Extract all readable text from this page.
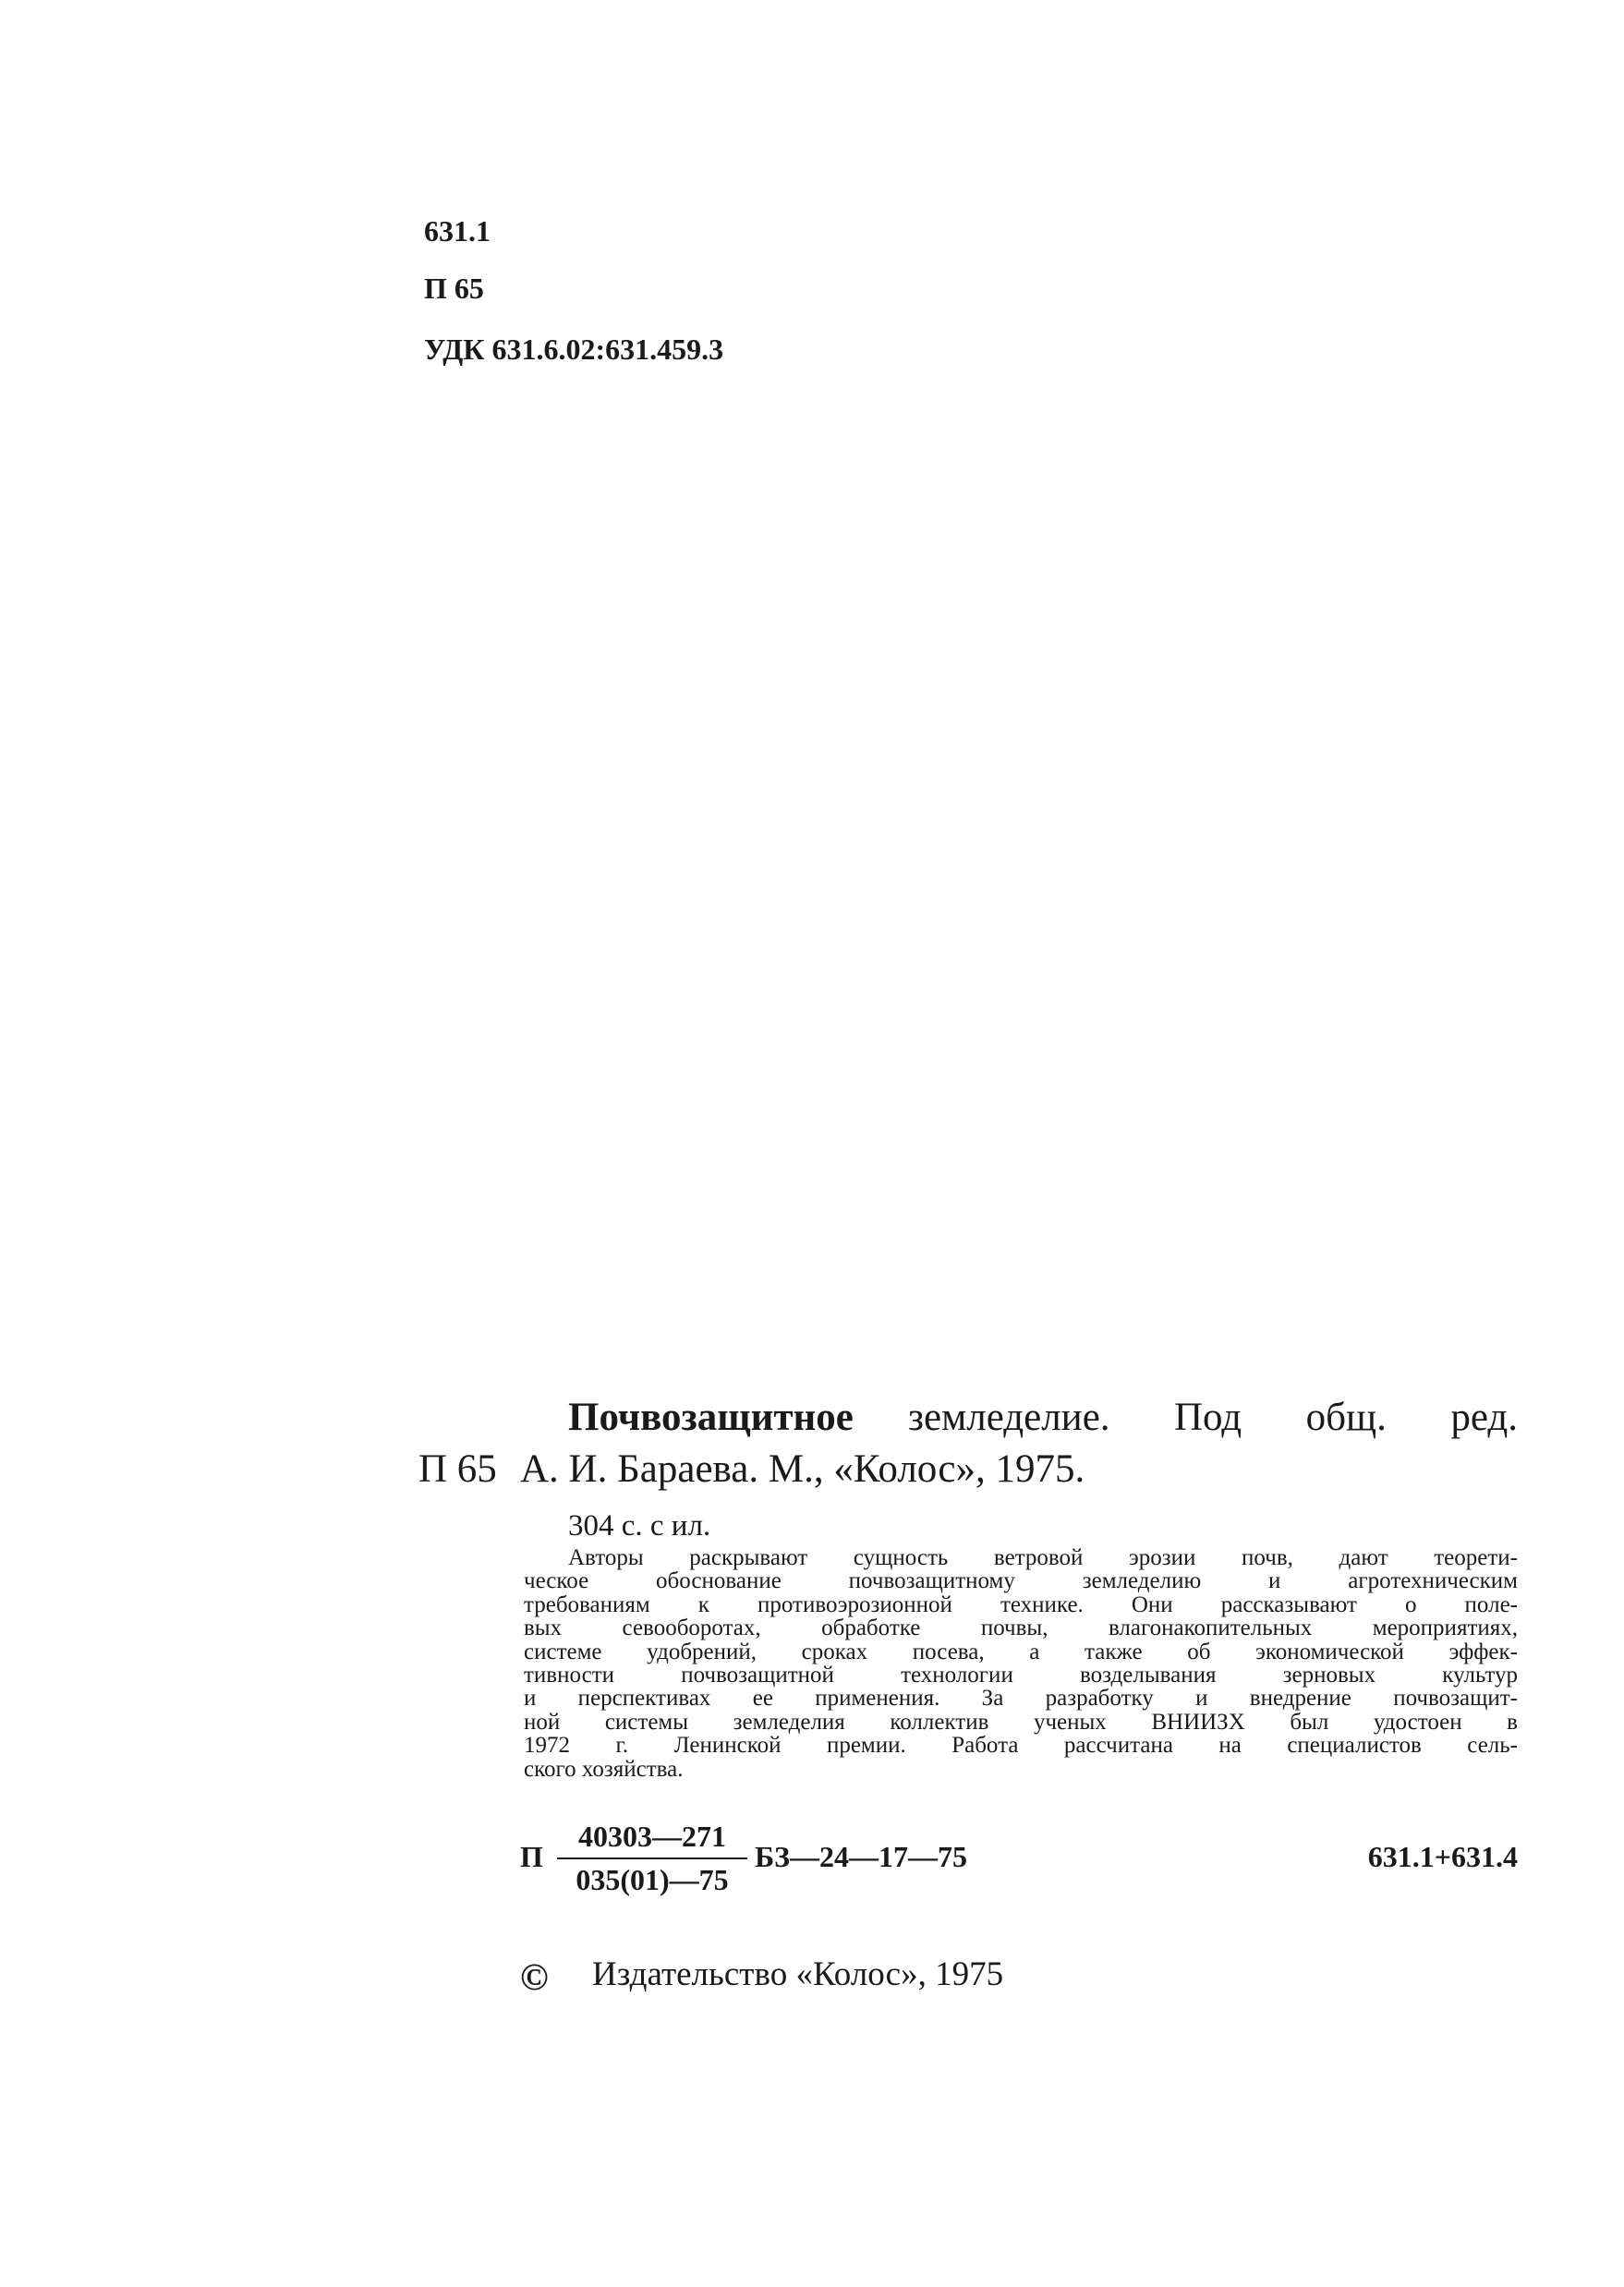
631.1
П 65
УДК 631.6.02:631.459.3
Почвозащитное земледелие. Под общ. ред.
П 65 А. И. Бараева. М., «Колос», 1975.
304 с. с ил.
Авторы раскрывают сущность ветровой эрозии почв, дают теорети-
ческое обоснование почвозащитному земледелию и агротехническим
требованиям к противоэрозионной технике. Они рассказывают о поле-
вых севооборотах, обработке почвы, влагонакопительных мероприятиях,
системе удобрений, сроках посева, а также об экономической эффек-
тивности почвозащитной технологии возделывания зерновых культур
и перспективах ее применения. За разработку и внедрение почвозащит-
ной системы земледелия коллектив ученых ВНИИЗХ был удостоен в
1972 г. Ленинской премии. Работа рассчитана на специалистов сель-
ского хозяйства.
П $\frac{40303—271}{035(01)—75}$ БЗ—24—17—75	631.1+631.4
© Издательство «Колос», 1975
